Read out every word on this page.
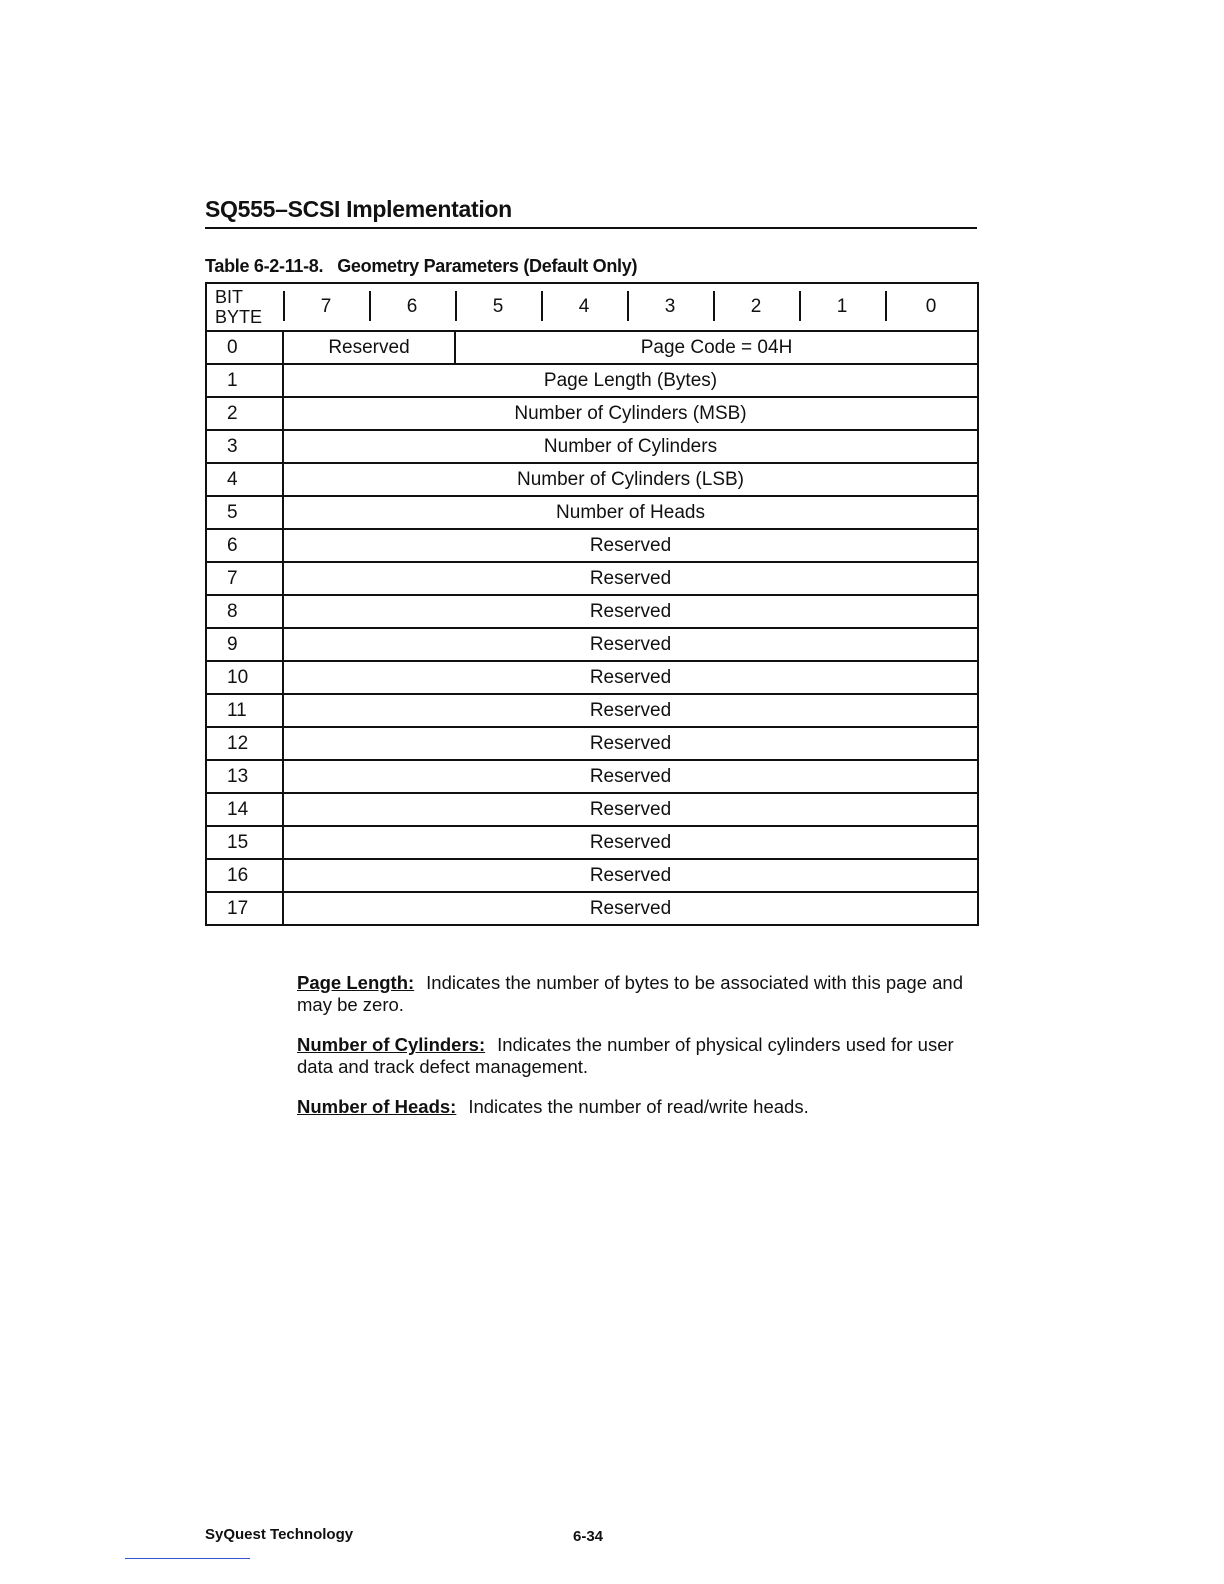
SQ555–SCSI Implementation
Table 6-2-11-8. Geometry Parameters (Default Only)
BIT
BYTE	7	6	5	4	3	2	1	0
0	Reserved		Page Code = 04H					
1	Page Length (Bytes)							
2	Number of Cylinders (MSB)							
3	Number of Cylinders							
4	Number of Cylinders (LSB)							
5	Number of Heads							
6	Reserved							
7	Reserved							
8	Reserved							
9	Reserved							
10	Reserved							
11	Reserved							
12	Reserved							
13	Reserved							
14	Reserved							
15	Reserved							
16	Reserved							
17	Reserved							
Page Length: Indicates the number of bytes to be associated with this page and may be zero.
Number of Cylinders: Indicates the number of physical cylinders used for user data and track defect management.
Number of Heads: Indicates the number of read/write heads.
SyQuest Technology	6-34
